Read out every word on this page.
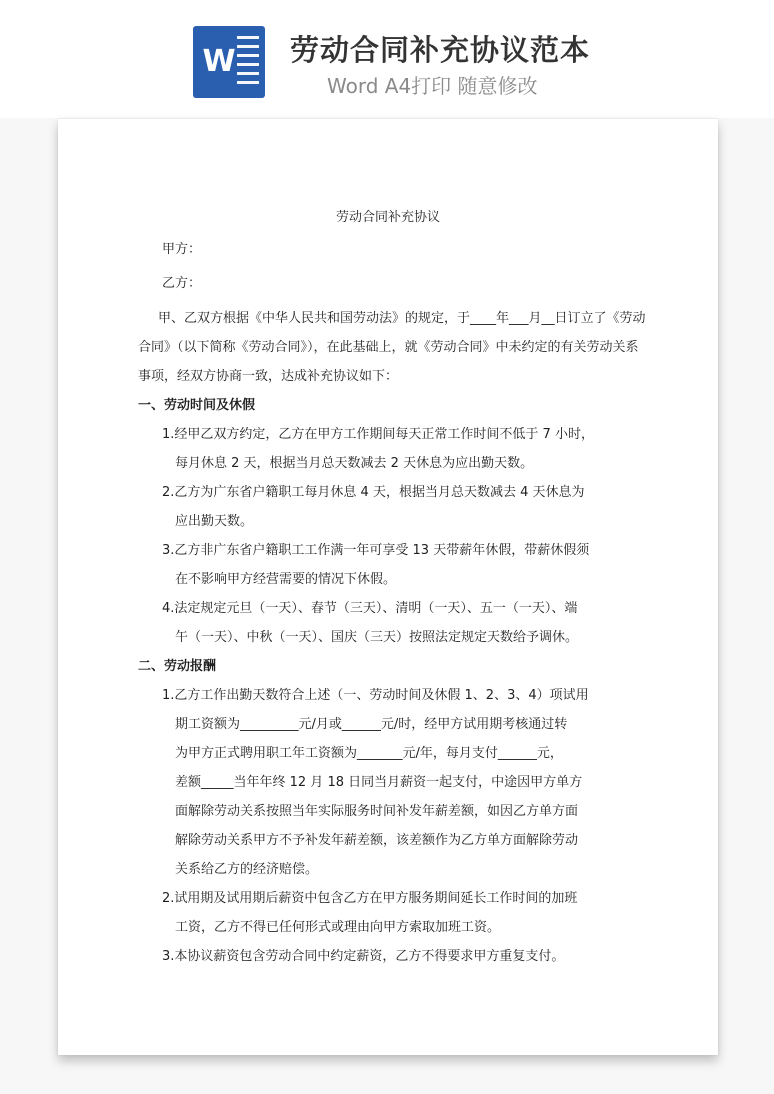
W 劳动合同补充协议范本
Word A4打印 随意修改
劳动合同补充协议
甲方：
乙方：
甲、乙双方根据《中华人民共和国劳动法》的规定，于____年___月__日订立了《劳动
合同》（以下简称《劳动合同》），在此基础上，就《劳动合同》中未约定的有关劳动关系
事项，经双方协商一致，达成补充协议如下：
一、劳动时间及休假
1.经甲乙双方约定，乙方在甲方工作期间每天正常工作时间不低于 7 小时，
每月休息 2 天，根据当月总天数减去 2 天休息为应出勤天数。
2.乙方为广东省户籍职工每月休息 4 天，根据当月总天数减去 4 天休息为
应出勤天数。
3.乙方非广东省户籍职工工作满一年可享受 13 天带薪年休假，带薪休假须
在不影响甲方经营需要的情况下休假。
4.法定规定元旦（一天）、春节（三天）、清明（一天）、五一（一天）、端
午（一天）、中秋（一天）、国庆（三天）按照法定规定天数给予调休。
二、劳动报酬
1.乙方工作出勤天数符合上述（一、劳动时间及休假 1、2、3、4）项试用
期工资额为_________元/月或______元/时，经甲方试用期考核通过转
为甲方正式聘用职工年工资额为_______元/年，每月支付______元，
差额_____当年年终 12 月 18 日同当月薪资一起支付，中途因甲方单方
面解除劳动关系按照当年实际服务时间补发年薪差额，如因乙方单方面
解除劳动关系甲方不予补发年薪差额，该差额作为乙方单方面解除劳动
关系给乙方的经济赔偿。
2.试用期及试用期后薪资中包含乙方在甲方服务期间延长工作时间的加班
工资，乙方不得已任何形式或理由向甲方索取加班工资。
3.本协议薪资包含劳动合同中约定薪资，乙方不得要求甲方重复支付。
